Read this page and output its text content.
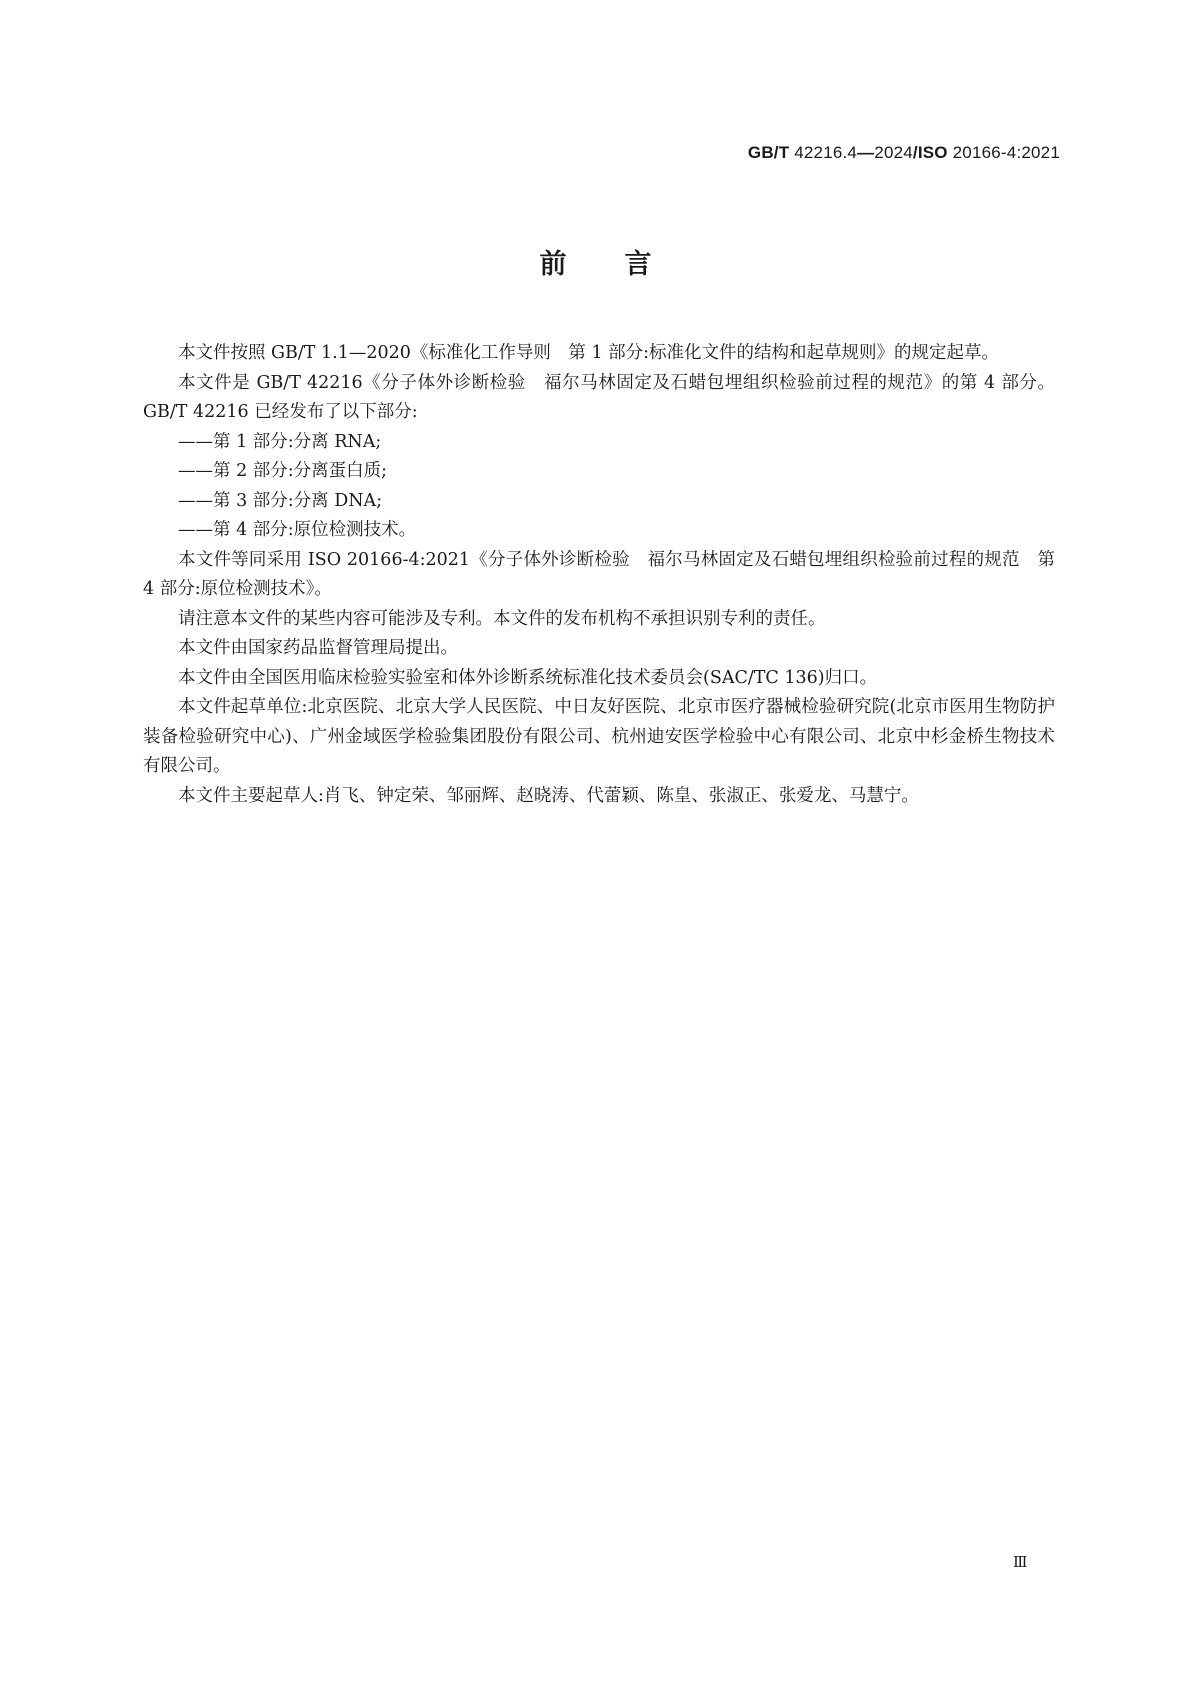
GB/T 42216.4—2024/ISO 20166-4:2021
前言

本文件按照 GB/T 1.1—2020《标准化工作导则　第 1 部分:标准化文件的结构和起草规则》的规定起草。

本文件是 GB/T 42216《分子体外诊断检验　福尔马林固定及石蜡包埋组织检验前过程的规范》的第 4 部分。GB/T 42216 已经发布了以下部分:

——第 1 部分:分离 RNA;

——第 2 部分:分离蛋白质;

——第 3 部分:分离 DNA;

——第 4 部分:原位检测技术。

本文件等同采用 ISO 20166-4:2021《分子体外诊断检验　福尔马林固定及石蜡包埋组织检验前过程的规范　第 4 部分:原位检测技术》。

请注意本文件的某些内容可能涉及专利。本文件的发布机构不承担识别专利的责任。

本文件由国家药品监督管理局提出。

本文件由全国医用临床检验实验室和体外诊断系统标准化技术委员会(SAC/TC 136)归口。

本文件起草单位:北京医院、北京大学人民医院、中日友好医院、北京市医疗器械检验研究院(北京市医用生物防护装备检验研究中心)、广州金域医学检验集团股份有限公司、杭州迪安医学检验中心有限公司、北京中杉金桥生物技术有限公司。

本文件主要起草人:肖飞、钟定荣、邹丽辉、赵晓涛、代蕾颖、陈皇、张淑正、张爱龙、马慧宁。

Ⅲ
